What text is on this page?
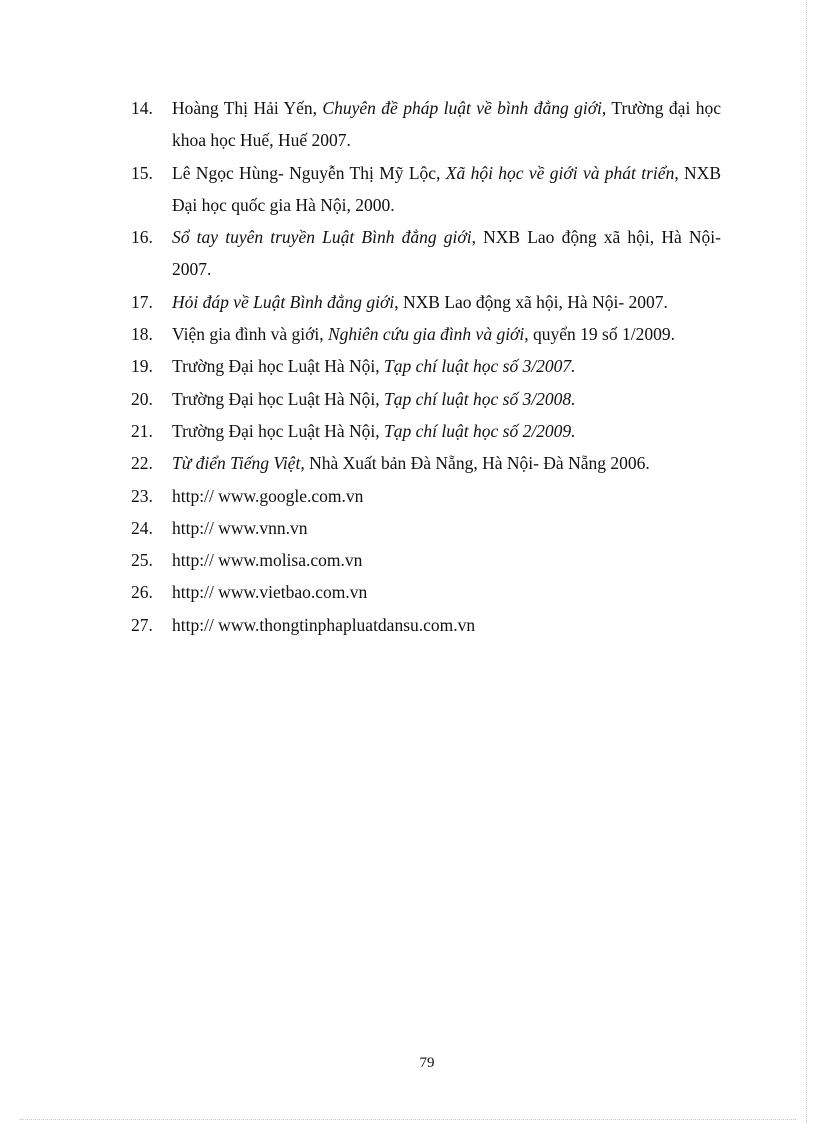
14. Hoàng Thị Hải Yến, Chuyên đề pháp luật về bình đẳng giới, Trường đại học khoa học Huế, Huế 2007.
15. Lê Ngọc Hùng- Nguyễn Thị Mỹ Lộc, Xã hội học về giới và phát triển, NXB Đại học quốc gia Hà Nội, 2000.
16. Sổ tay tuyên truyền Luật Bình đẳng giới, NXB Lao động xã hội, Hà Nội- 2007.
17. Hỏi đáp về Luật Bình đẳng giới, NXB Lao động xã hội, Hà Nội- 2007.
18. Viện gia đình và giới, Nghiên cứu gia đình và giới, quyển 19 số 1/2009.
19. Trường Đại học Luật Hà Nội, Tạp chí luật học số 3/2007.
20. Trường Đại học Luật Hà Nội, Tạp chí luật học số 3/2008.
21. Trường Đại học Luật Hà Nội, Tạp chí luật học số 2/2009.
22. Từ điển Tiếng Việt, Nhà Xuất bản Đà Nẵng, Hà Nội- Đà Nẵng 2006.
23. http:// www.google.com.vn
24. http:// www.vnn.vn
25. http:// www.molisa.com.vn
26. http:// www.vietbao.com.vn
27. http:// www.thongtinphapluatdansu.com.vn
79
